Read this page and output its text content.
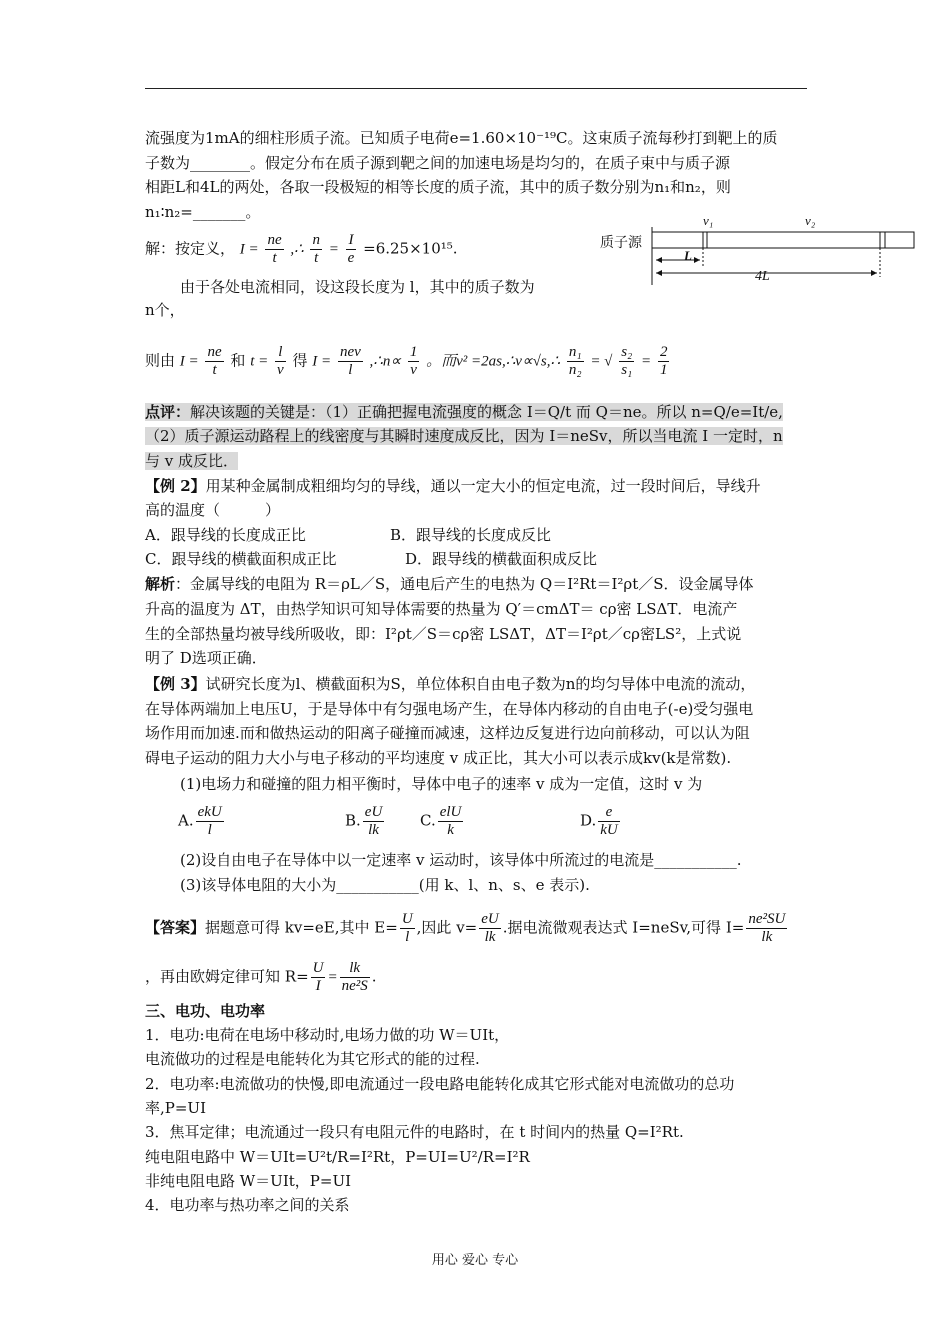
流强度为1mA的细柱形质子流。已知质子电荷e=1.60×10⁻¹⁹C。这束质子流每秒打到靶上的质
子数为________。假定分布在质子源到靶之间的加速电场是均匀的，在质子束中与质子源
相距L和4L的两处，各取一段极短的相等长度的质子流，其中的质子数分别为n₁和n₂，则
n₁∶n₂=_______。
解：按定义， $I = \frac{ne}{t}$ ,∴ $\frac{n}{t} = \frac{I}{e} =6.25\times 10^{15}$.	质子源
v₁	v₂
L
4L
由于各处电流相同，设这段长度为 l，其中的质子数为
n个，
则由 $I = \frac{ne}{t}$ 和 $t = \frac{l}{v}$ 得 $I = \frac{\text{nev}}{l}$ ,∴n∝ $\frac{1}{v}$ 。而v² =2as,∴v∝√s,∴ $\frac{\text{n₁}}{\text{n₂}}$ = √ $\frac{\text{s₂}}{\text{s₁}} = \frac{2}{1}$
点评：解决该题的关键是：（1）正确把握电流强度的概念 I＝Q/t 而 Q＝ne。所以 n=Q/e=It/e,
（2）质子源运动路程上的线密度与其瞬时速度成反比，因为 I＝neSv，所以当电流 I 一定时，n
与 v 成反比．
【例 2】用某种金属制成粗细均匀的导线，通以一定大小的恒定电流，过一段时间后，导线升
高的温度（　　　）
A．跟导线的长度成正比	B．跟导线的长度成反比
C．跟导线的横截面积成正比	D．跟导线的横截面积成反比
解析：金属导线的电阻为 R＝ρL／S，通电后产生的电热为 Q＝I²Rt＝I²ρt／S．设金属导体
升高的温度为 ΔT，由热学知识可知导体需要的热量为 Q′＝cmΔT＝ cρ密 LSΔT．电流产
生的全部热量均被导线所吸收，即：I²ρt／S＝cρ密 LSΔT，ΔT＝I²ρt／cρ密LS²，上式说
明了 D选项正确．
【例 3】试研究长度为l、横截面积为S，单位体积自由电子数为n的均匀导体中电流的流动，
在导体两端加上电压U，于是导体中有匀强电场产生，在导体内移动的自由电子(-e)受匀强电
场作用而加速.而和做热运动的阳离子碰撞而减速，这样边反复进行边向前移动，可以认为阻
碍电子运动的阻力大小与电子移动的平均速度 v 成正比，其大小可以表示成kv(k是常数).
(1)电场力和碰撞的阻力相平衡时，导体中电子的速率 v 成为一定值，这时 v 为
A. $\frac{\text{ekU}}{l}$	B. $\frac{eU}{lk} C$. $\frac{\text{elU}}{k}$	D. $\frac{e}{kU}$
(2)设自由电子在导体中以一定速率 v 运动时，该导体中所流过的电流是___________.
(3)该导体电阻的大小为___________(用 k、l、n、s、e 表示).
【答案】据题意可得 kv=eE,其中 $E= \frac{U}{l}$ ,因此 $v= \frac{eU}{lk}$ .据电流微观表达式 I=neSv,可得 $I= \frac{\text{ne²SU}}{lk}$
，再由欧姆定律可知 $R= \frac{U}{I} = \frac{lk}{\text{ne²S}}$ .
三、电功、电功率
1．电功:电荷在电场中移动时,电场力做的功 W＝UIt，
电流做功的过程是电能转化为其它形式的能的过程.
2．电功率:电流做功的快慢,即电流通过一段电路电能转化成其它形式能对电流做功的总功
率,P=UI
3．焦耳定律；电流通过一段只有电阻元件的电路时，在 t 时间内的热量 Q=I²Rt.
纯电阻电路中 W＝UIt=U²t/R=I²Rt，P=UI=U²/R=I²R
非纯电阻电路 W＝UIt，P=UI
4．电功率与热功率之间的关系
用心 爱心 专心
